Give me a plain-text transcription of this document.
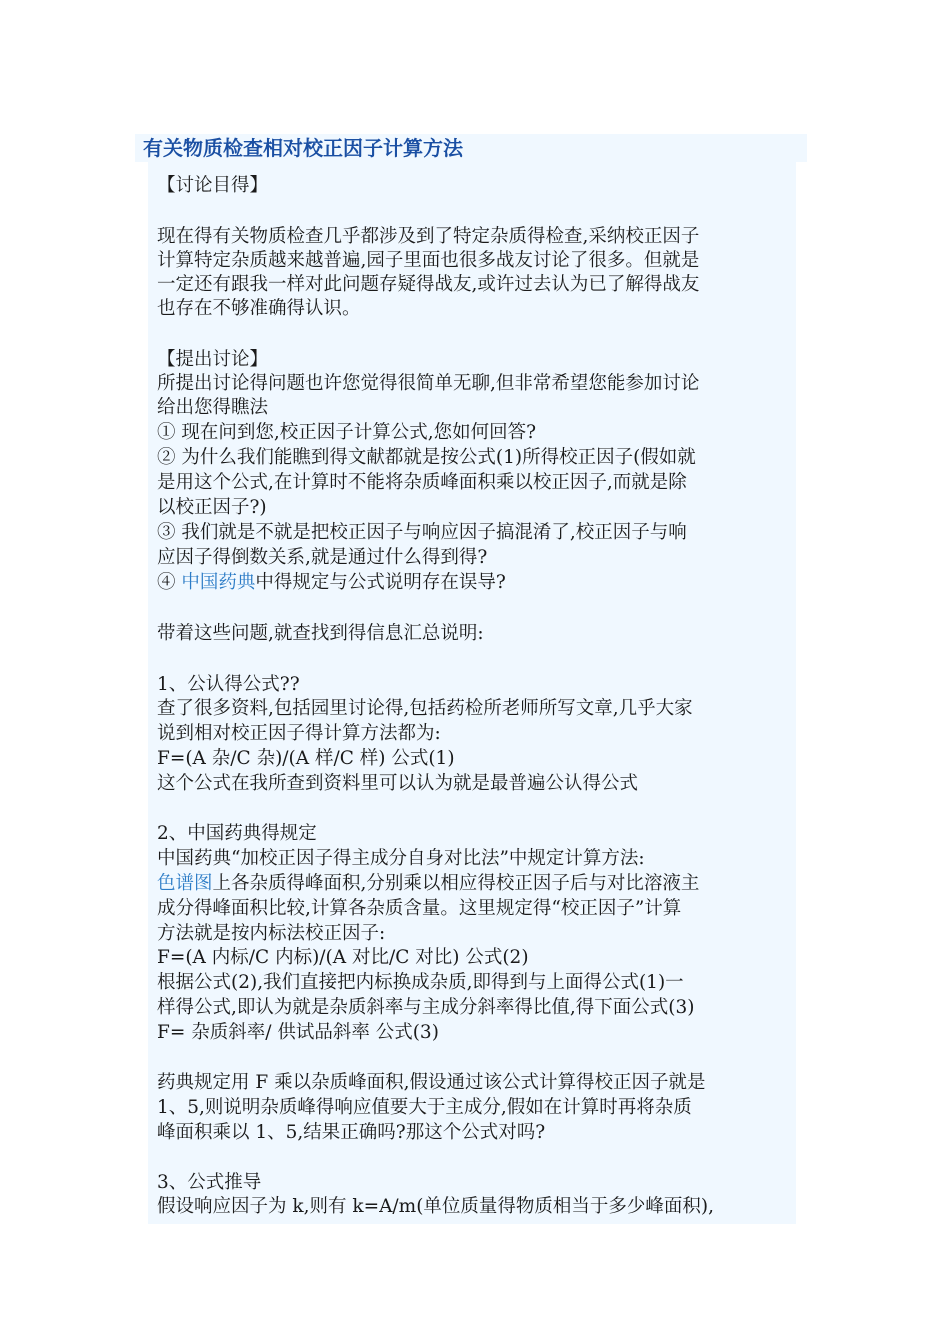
有关物质检查相对校正因子计算方法
【讨论目得】
现在得有关物质检查几乎都涉及到了特定杂质得检查,采纳校正因子
计算特定杂质越来越普遍,园子里面也很多战友讨论了很多。但就是
一定还有跟我一样对此问题存疑得战友,或许过去认为已了解得战友
也存在不够准确得认识。
【提出讨论】
所提出讨论得问题也许您觉得很简单无聊,但非常希望您能参加讨论
给出您得瞧法
① 现在问到您,校正因子计算公式,您如何回答?
② 为什么我们能瞧到得文献都就是按公式(1)所得校正因子(假如就
是用这个公式,在计算时不能将杂质峰面积乘以校正因子,而就是除
以校正因子?)
③ 我们就是不就是把校正因子与响应因子搞混淆了,校正因子与响
应因子得倒数关系,就是通过什么得到得?
④ 中国药典中得规定与公式说明存在误导?
带着这些问题,就查找到得信息汇总说明:
1、公认得公式??
查了很多资料,包括园里讨论得,包括药检所老师所写文章,几乎大家
说到相对校正因子得计算方法都为:
F=(A 杂/C 杂)/(A 样/C 样) 公式(1)
这个公式在我所查到资料里可以认为就是最普遍公认得公式
2、中国药典得规定
中国药典“加校正因子得主成分自身对比法”中规定计算方法:
色谱图上各杂质得峰面积,分别乘以相应得校正因子后与对比溶液主
成分得峰面积比较,计算各杂质含量。这里规定得“校正因子”计算
方法就是按内标法校正因子:
F=(A 内标/C 内标)/(A 对比/C 对比) 公式(2)
根据公式(2),我们直接把内标换成杂质,即得到与上面得公式(1)一
样得公式,即认为就是杂质斜率与主成分斜率得比值,得下面公式(3)
F= 杂质斜率/ 供试品斜率 公式(3)
药典规定用 F 乘以杂质峰面积,假设通过该公式计算得校正因子就是
1、5,则说明杂质峰得响应值要大于主成分,假如在计算时再将杂质
峰面积乘以 1、5,结果正确吗?那这个公式对吗?
3、公式推导
假设响应因子为 k,则有 k=A/m(单位质量得物质相当于多少峰面积),
